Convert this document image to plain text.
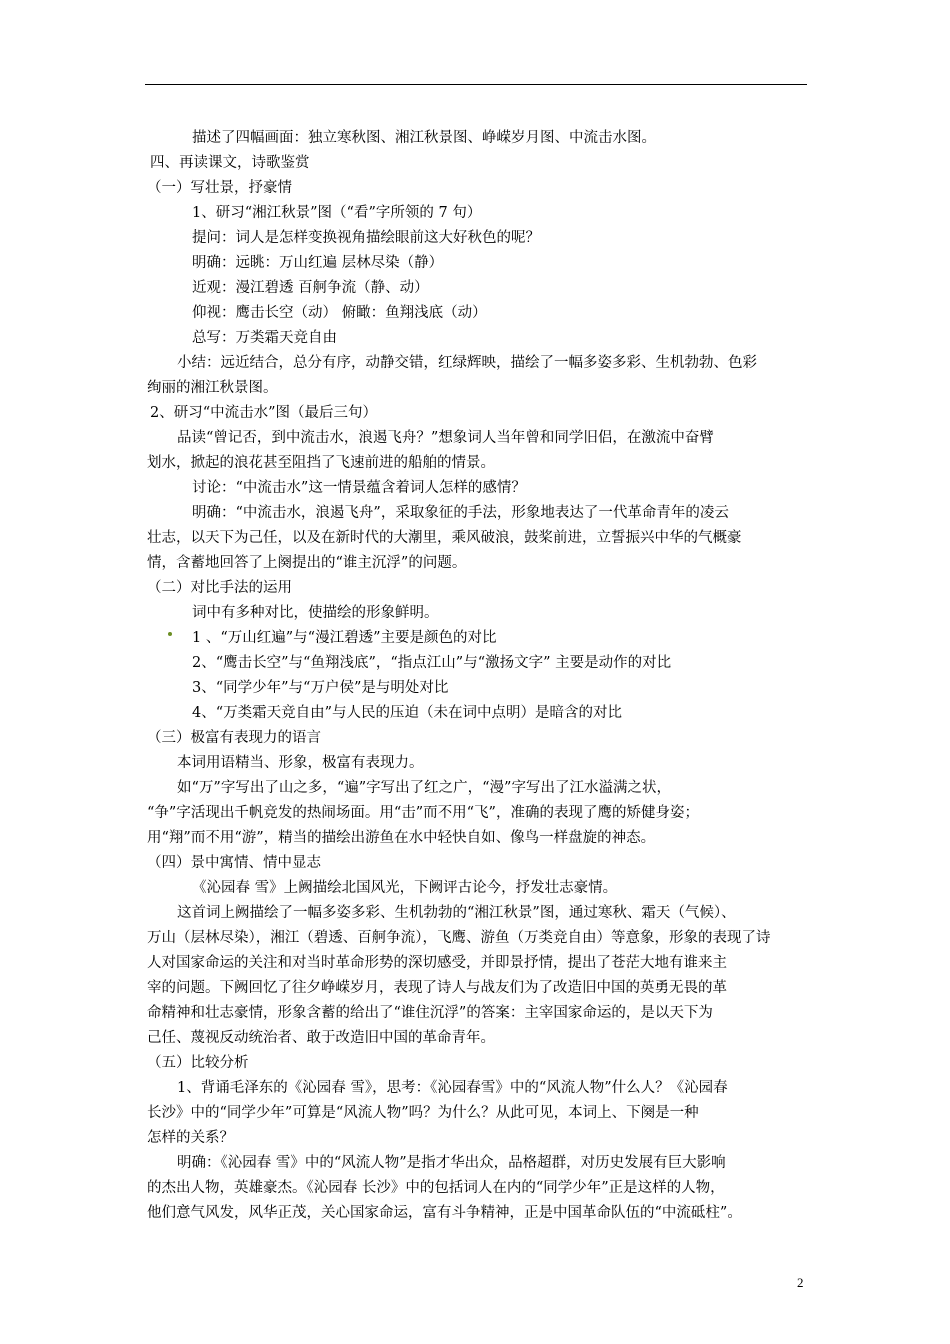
描述了四幅画面：独立寒秋图、湘江秋景图、峥嵘岁月图、中流击水图。
四、再读课文，诗歌鉴赏
（一）写壮景，抒豪情
1、研习“湘江秋景”图（“看”字所领的 7 句）
提问：词人是怎样变换视角描绘眼前这大好秋色的呢？
明确：远眺：万山红遍 层林尽染（静）
近观：漫江碧透 百舸争流（静、动）
仰视：鹰击长空（动） 俯瞰：鱼翔浅底（动）
总写：万类霜天竞自由
小结：远近结合，总分有序，动静交错，红绿辉映，描绘了一幅多姿多彩、生机勃勃、色彩
绚丽的湘江秋景图。
2、研习“中流击水”图（最后三句）
品读“曾记否，到中流击水，浪遏飞舟？”想象词人当年曾和同学旧侣，在激流中奋臂
划水，掀起的浪花甚至阻挡了飞速前进的船舶的情景。
讨论：“中流击水”这一情景蕴含着词人怎样的感情？
明确：“中流击水，浪遏飞舟”，采取象征的手法，形象地表达了一代革命青年的凌云
壮志，以天下为己任，以及在新时代的大潮里，乘风破浪，鼓桨前进，立誓振兴中华的气概豪
情，含蓄地回答了上阕提出的“谁主沉浮”的问题。
（二）对比手法的运用
词中有多种对比，使描绘的形象鲜明。
1 、“万山红遍”与“漫江碧透”主要是颜色的对比
2、“鹰击长空”与“鱼翔浅底”，“指点江山”与“激扬文字” 主要是动作的对比
3、“同学少年”与“万户侯”是与明处对比
4、“万类霜天竞自由”与人民的压迫（未在词中点明）是暗含的对比
（三）极富有表现力的语言
本词用语精当、形象，极富有表现力。
如“万”字写出了山之多，“遍”字写出了红之广，“漫”字写出了江水溢满之状，
“争”字活现出千帆竞发的热闹场面。用“击”而不用“飞”，准确的表现了鹰的矫健身姿；
用“翔”而不用“游”，精当的描绘出游鱼在水中轻快自如、像鸟一样盘旋的神态。
（四）景中寓情、情中显志
《沁园春 雪》上阙描绘北国风光，下阙评古论今，抒发壮志豪情。
这首词上阙描绘了一幅多姿多彩、生机勃勃的“湘江秋景”图，通过寒秋、霜天（气候）、
万山（层林尽染），湘江（碧透、百舸争流），飞鹰、游鱼（万类竞自由）等意象，形象的表现了诗
人对国家命运的关注和对当时革命形势的深切感受，并即景抒情，提出了苍茫大地有谁来主
宰的问题。下阙回忆了往夕峥嵘岁月，表现了诗人与战友们为了改造旧中国的英勇无畏的革
命精神和壮志豪情，形象含蓄的给出了“谁住沉浮”的答案：主宰国家命运的，是以天下为
己任、蔑视反动统治者、敢于改造旧中国的革命青年。
（五）比较分析
1、背诵毛泽东的《沁园春 雪》，思考：《沁园春雪》中的“风流人物”什么人？《沁园春
长沙》中的“同学少年”可算是“风流人物”吗？为什么？从此可见，本词上、下阕是一种
怎样的关系？
明确：《沁园春 雪》中的“风流人物”是指才华出众，品格超群，对历史发展有巨大影响
的杰出人物，英雄豪杰。《沁园春 长沙》中的包括词人在内的“同学少年”正是这样的人物，
他们意气风发，风华正茂，关心国家命运，富有斗争精神，正是中国革命队伍的“中流砥柱”。
2
